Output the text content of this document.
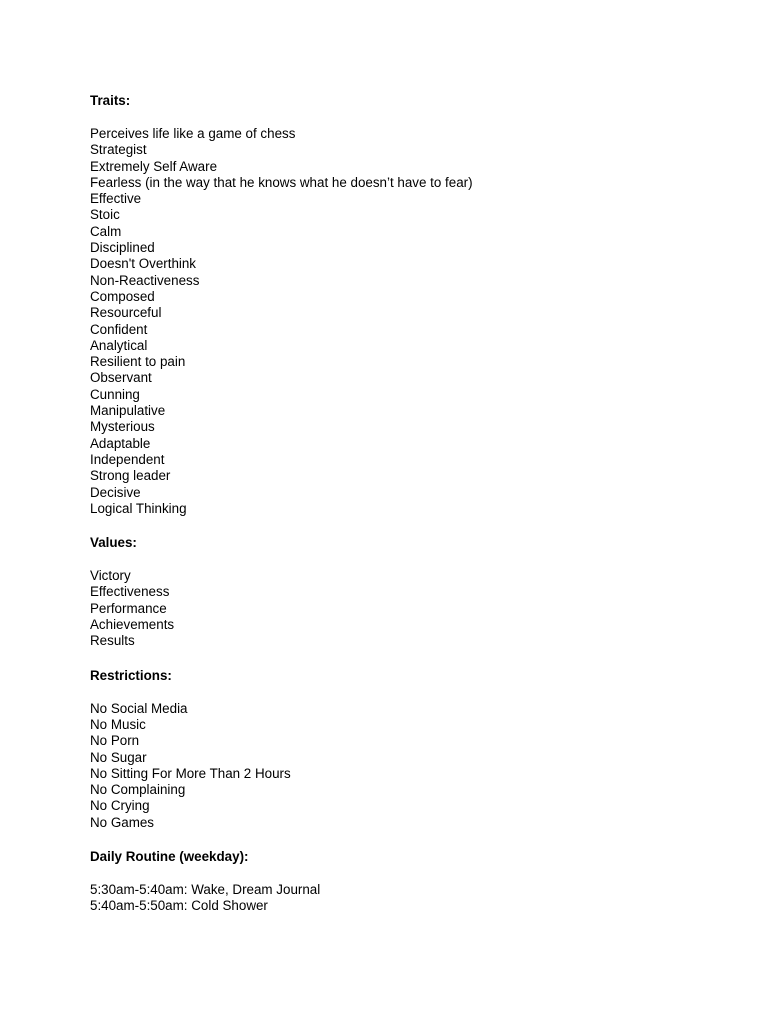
Traits:
Perceives life like a game of chess
Strategist
Extremely Self Aware
Fearless (in the way that he knows what he doesn’t have to fear)
Effective
Stoic
Calm
Disciplined
Doesn't Overthink
Non-Reactiveness
Composed
Resourceful
Confident
Analytical
Resilient to pain
Observant
Cunning
Manipulative
Mysterious
Adaptable
Independent
Strong leader
Decisive
Logical Thinking
Values:
Victory
Effectiveness
Performance
Achievements
Results
Restrictions:
No Social Media
No Music
No Porn
No Sugar
No Sitting For More Than 2 Hours
No Complaining
No Crying
No Games
Daily Routine (weekday):
5:30am-5:40am: Wake, Dream Journal
5:40am-5:50am: Cold Shower
